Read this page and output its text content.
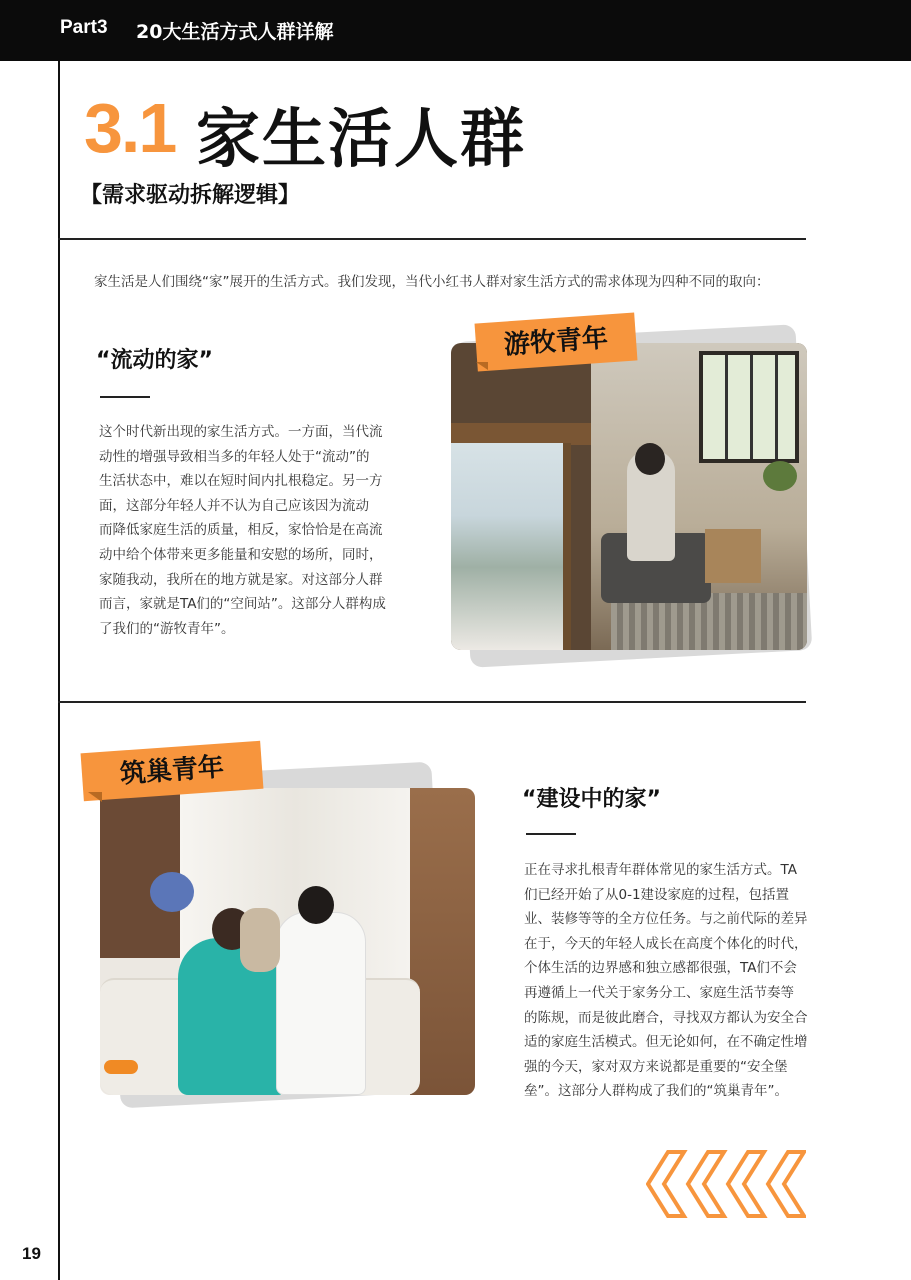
Part3 20大生活方式人群详解
3.1 家生活人群
【需求驱动拆解逻辑】
家生活是人们围绕“家”展开的生活方式。我们发现，当代小红书人群对家生活方式的需求体现为四种不同的取向：
“流动的家”
这个时代新出现的家生活方式。一方面，当代流
动性的增强导致相当多的年轻人处于“流动”的
生活状态中，难以在短时间内扎根稳定。另一方
面，这部分年轻人并不认为自己应该因为流动
而降低家庭生活的质量，相反，家恰恰是在高流
动中给个体带来更多能量和安慰的场所，同时，
家随我动，我所在的地方就是家。对这部分人群
而言，家就是TA们的“空间站”。这部分人群构成
了我们的“游牧青年”。
游牧青年
筑巢青年
“建设中的家”
正在寻求扎根青年群体常见的家生活方式。TA
们已经开始了从0-1建设家庭的过程，包括置
业、装修等等的全方位任务。与之前代际的差异
在于，今天的年轻人成长在高度个体化的时代，
个体生活的边界感和独立感都很强，TA们不会
再遵循上一代关于家务分工、家庭生活节奏等
的陈规，而是彼此磨合，寻找双方都认为安全合
适的家庭生活模式。但无论如何，在不确定性增
强的今天，家对双方来说都是重要的“安全堡
垒”。这部分人群构成了我们的“筑巢青年”。
19
